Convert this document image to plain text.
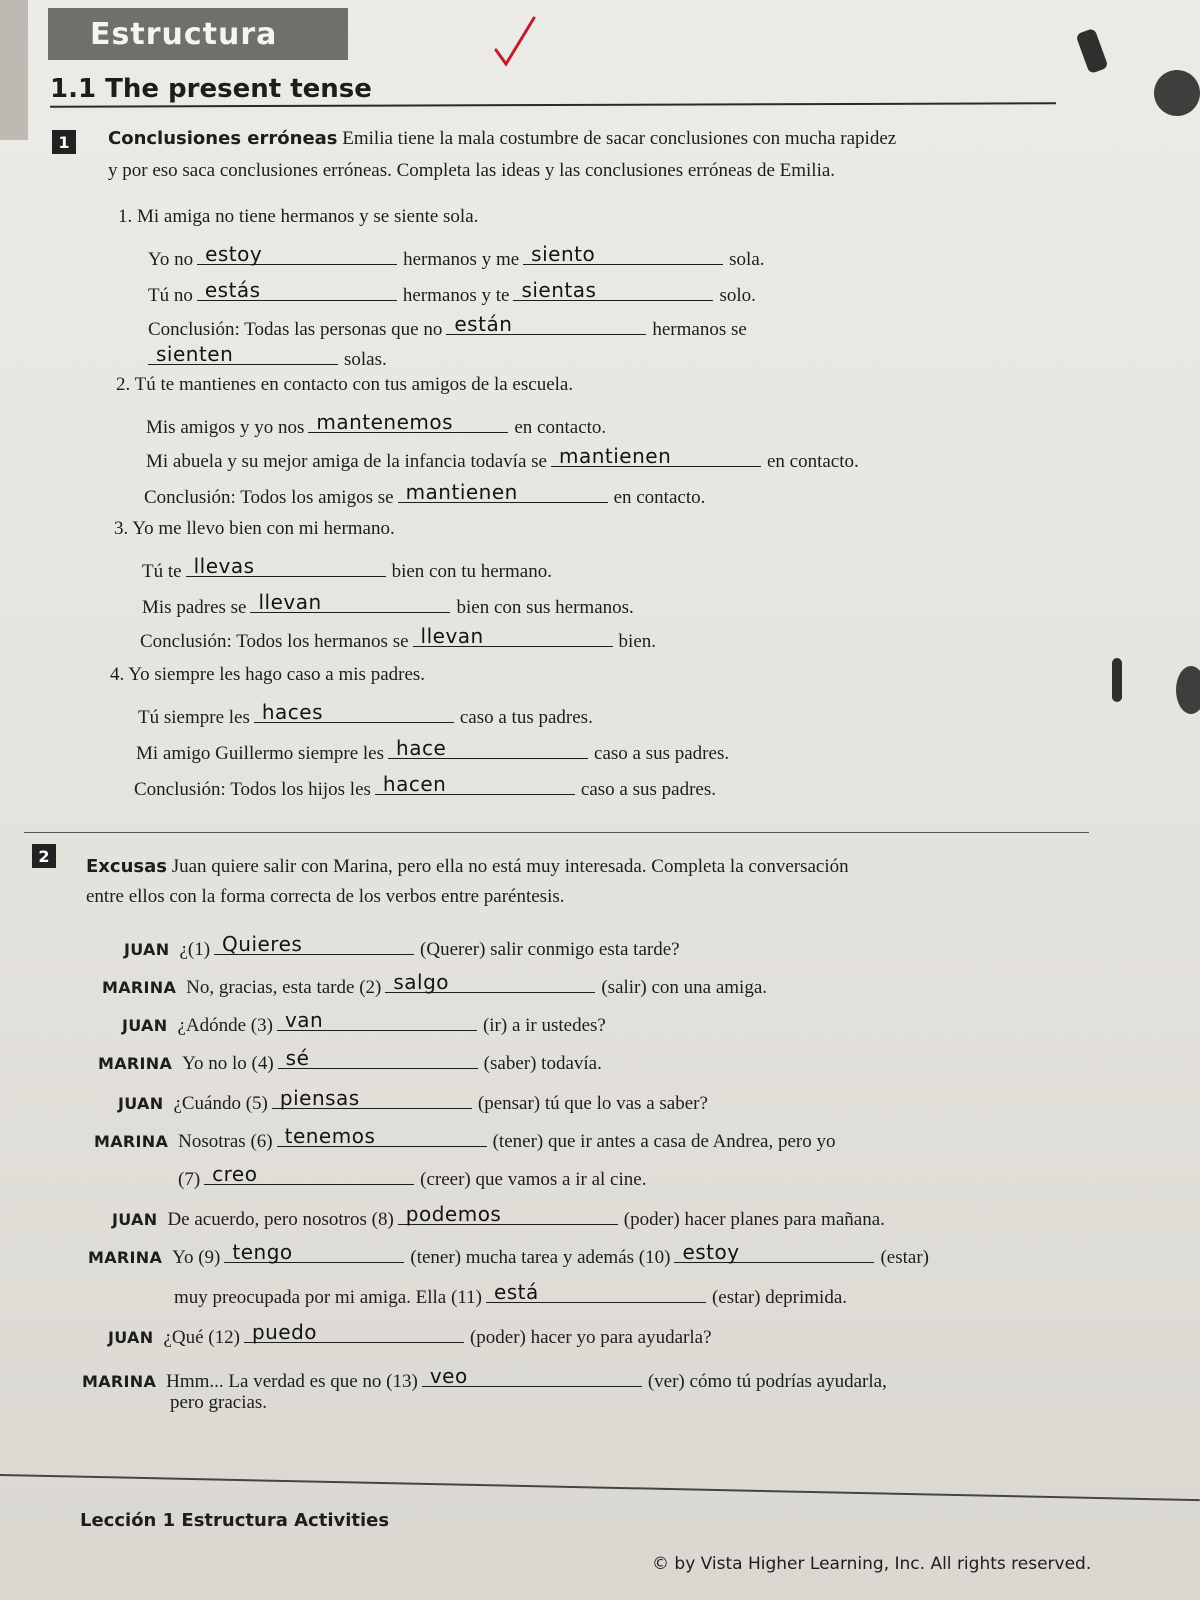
Estructura
1.1 The present tense
1	Conclusiones erróneas Emilia tiene la mala costumbre de sacar conclusiones con mucha rapidez
y por eso saca conclusiones erróneas. Completa las ideas y las conclusiones erróneas de Emilia.
1. Mi amiga no tiene hermanos y se siente sola.
Yo no estoy	hermanos y me siento	sola.
Tú no estás	hermanos y te sientas	solo.
Conclusión: Todas las personas que no están	hermanos se
sienten	solas.
2. Tú te mantienes en contacto con tus amigos de la escuela.
Mis amigos y yo nos mantenemos	en contacto.
Mi abuela y su mejor amiga de la infancia todavía se mantienen	en contacto.
Conclusión: Todos los amigos se mantienen	en contacto.
3. Yo me llevo bien con mi hermano.
Tú te llevas	bien con tu hermano.
Mis padres se llevan	bien con sus hermanos.
Conclusión: Todos los hermanos se llevan	bien.
4. Yo siempre les hago caso a mis padres.
Tú siempre les haces	caso a tus padres.
Mi amigo Guillermo siempre les hace	caso a sus padres.
Conclusión: Todos los hijos les hacen	caso a sus padres.
2	Excusas Juan quiere salir con Marina, pero ella no está muy interesada. Completa la conversación
entre ellos con la forma correcta de los verbos entre paréntesis.
JUAN ¿(1) Quieres	(Querer) salir conmigo esta tarde?
MARINA No, gracias, esta tarde (2) salgo	(salir) con una amiga.
JUAN ¿Adónde (3) van	(ir) a ir ustedes?
MARINA Yo no lo (4) sé	(saber) todavía.
JUAN ¿Cuándo (5) piensas	(pensar) tú que lo vas a saber?
MARINA Nosotras (6) tenemos	(tener) que ir antes a casa de Andrea, pero yo
(7) creo	(creer) que vamos a ir al cine.
JUAN De acuerdo, pero nosotros (8) podemos	(poder) hacer planes para mañana.
MARINA Yo (9) tengo	(tener) mucha tarea y además (10) estoy	(estar)
muy preocupada por mi amiga. Ella (11) está	(estar) deprimida.
JUAN ¿Qué (12) puedo	(poder) hacer yo para ayudarla?
MARINA Hmm... La verdad es que no (13) veo	(ver) cómo tú podrías ayudarla,
pero gracias.
Lección 1 Estructura Activities
© by Vista Higher Learning, Inc. All rights reserved.
